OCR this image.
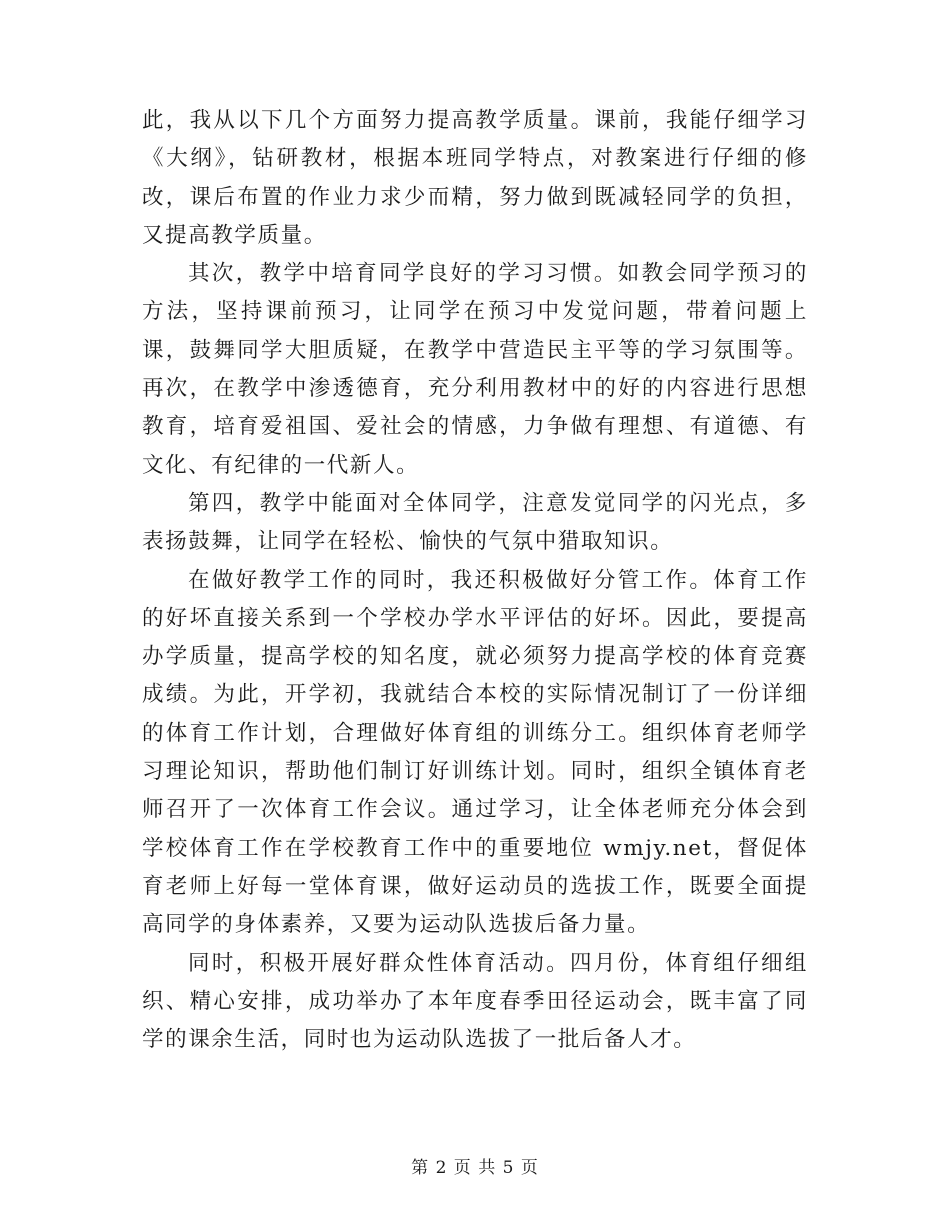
此，我从以下几个方面努力提高教学质量。课前，我能仔细学习《大纲》，钻研教材，根据本班同学特点，对教案进行仔细的修改，课后布置的作业力求少而精，努力做到既减轻同学的负担，又提高教学质量。

其次，教学中培育同学良好的学习习惯。如教会同学预习的方法，坚持课前预习，让同学在预习中发觉问题，带着问题上课，鼓舞同学大胆质疑，在教学中营造民主平等的学习氛围等。再次，在教学中渗透德育，充分利用教材中的好的内容进行思想教育，培育爱祖国、爱社会的情感，力争做有理想、有道德、有文化、有纪律的一代新人。

第四，教学中能面对全体同学，注意发觉同学的闪光点，多表扬鼓舞，让同学在轻松、愉快的气氛中猎取知识。

在做好教学工作的同时，我还积极做好分管工作。体育工作的好坏直接关系到一个学校办学水平评估的好坏。因此，要提高办学质量，提高学校的知名度，就必须努力提高学校的体育竞赛成绩。为此，开学初，我就结合本校的实际情况制订了一份详细的体育工作计划，合理做好体育组的训练分工。组织体育老师学习理论知识，帮助他们制订好训练计划。同时，组织全镇体育老师召开了一次体育工作会议。通过学习，让全体老师充分体会到学校体育工作在学校教育工作中的重要地位 wmjy.net，督促体育老师上好每一堂体育课，做好运动员的选拔工作，既要全面提高同学的身体素养，又要为运动队选拔后备力量。

同时，积极开展好群众性体育活动。四月份，体育组仔细组织、精心安排，成功举办了本年度春季田径运动会，既丰富了同学的课余生活，同时也为运动队选拔了一批后备人才。

第 2 页 共 5 页
